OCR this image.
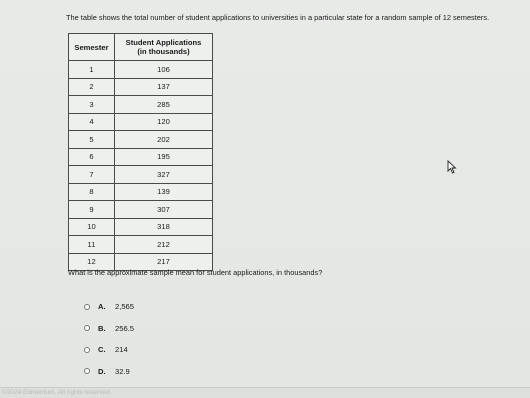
The table shows the total number of student applications to universities in a particular state for a random sample of 12 semesters.
Semester	Student Applications
(in thousands)
1	106
2	137
3	285
4	120
5	202
6	195
7	327
8	139
9	307
10	318
11	212
12	217
What is the approximate sample mean for student applications, in thousands?
A.	2,565
B.	256.5
C.	214
D.	32.9
©2024 Edmentum. All rights reserved.
